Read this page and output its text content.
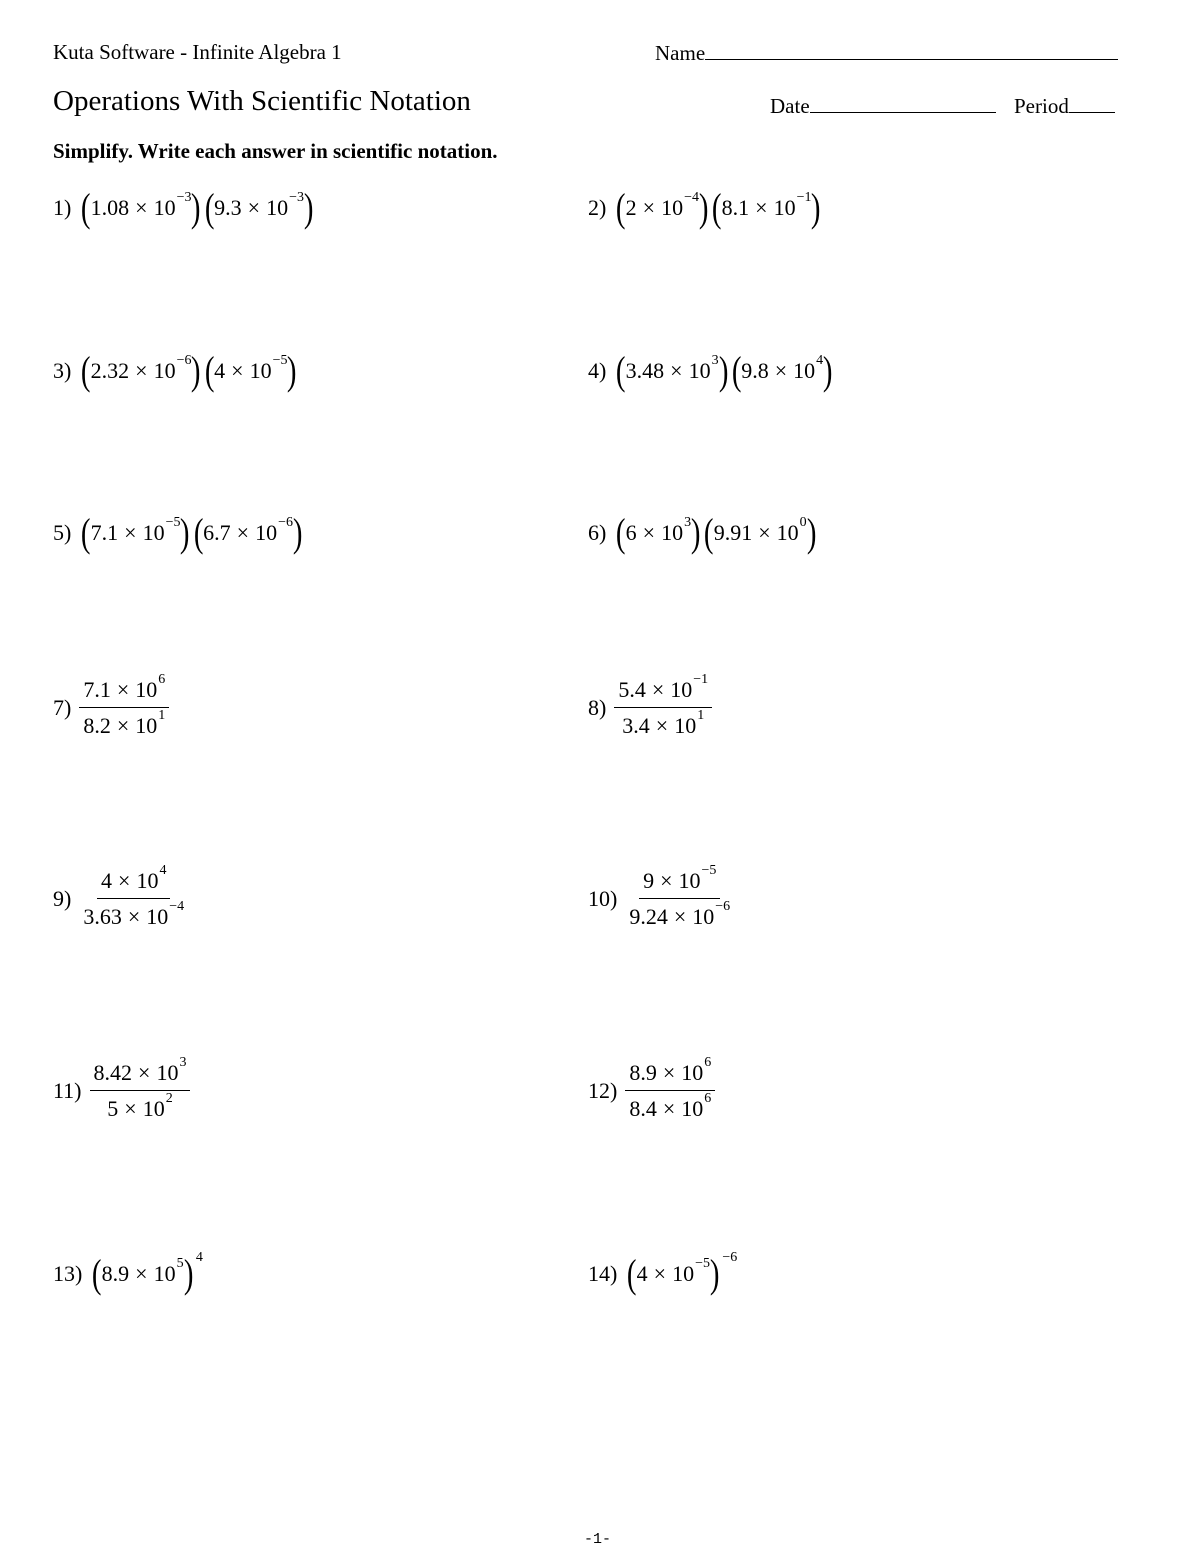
Kuta Software - Infinite Algebra 1	Name
Operations With Scientific Notation	Date	Period
Simplify. Write each answer in scientific notation.
1) ( $1.08 \times 10^{-3}$ ) ( $9.3 \times 10^{-3}$ )	2) ( $2 \times 10^{-4}$ ) ( $8.1 \times 10^{-1}$ )
3) ( $2.32 \times 10^{-6}$ ) ( $4 \times 10^{-5}$ )	4) ( $3.48 \times 10^3$ ) ( $9.8 \times 10^4$ )
5) ( $7.1 \times 10^{-5}$ ) ( $6.7 \times 10^{-6}$ )	6) ( $6 \times 10^3$ ) ( $9.91 \times 10^0$ )
$7) \frac{7.1 \times 10^6}{8.2 \times 10^1}$	$8) \frac{5.4 \times 10^{-1}}{3.4 \times 10^1}$
$9) \frac{4 \times 10^4}{3.63 \times 10^{-4}}$	$10) \frac{9 \times 10^{-5}}{9.24 \times 10^{-6}}$
$11) \frac{8.42 \times 10^3}{5 \times 10^2}$	$12) \frac{8.9 \times 10^6}{8.4 \times 10^6}$
13) ( $8.9 \times 10^5$ ) 4
14) ( $4 \times 10^{-5}$ ) −6
-1-
